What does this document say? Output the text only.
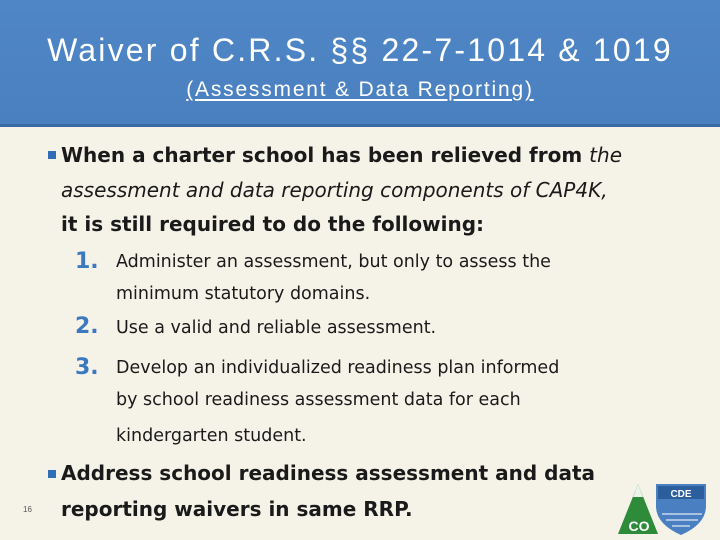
Waiver of C.R.S. §§ 22-7-1014 & 1019
(Assessment & Data Reporting)
When a charter school has been relieved from the
assessment and data reporting components of CAP4K,
it is still required to do the following:
1. Administer an assessment, but only to assess the
minimum statutory domains.
2. Use a valid and reliable assessment.
3. Develop an individualized readiness plan informed
by school readiness assessment data for each
kindergarten student.
Address school readiness assessment and data
reporting waivers in same RRP.
16
CDE
CO
